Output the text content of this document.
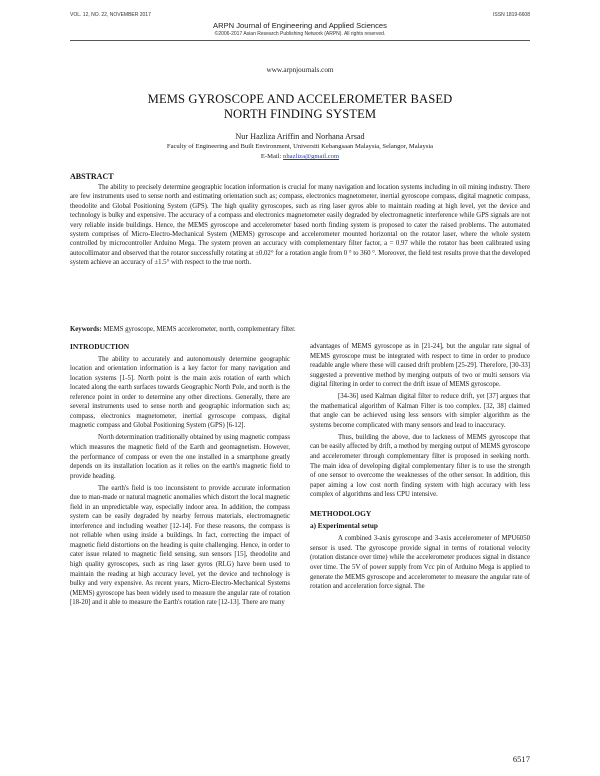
VOL. 12, NO. 22, NOVEMBER 2017	ISSN 1819-6608
ARPN Journal of Engineering and Applied Sciences
©2006-2017 Asian Research Publishing Network (ARPN). All rights reserved.
www.arpnjournals.com
MEMS GYROSCOPE AND ACCELEROMETER BASED
NORTH FINDING SYSTEM
Nur Hazliza Ariffin and Norhana Arsad
Faculty of Engineering and Built Environment, Universiti Kebangsaan Malaysia, Selangor, Malaysia
E-Mail: nhazliza@gmail.com
ABSTRACT

The ability to precisely determine geographic location information is crucial for many navigation and location systems including in oil mining industry. There are few instruments used to sense north and estimating orientation such as; compass, electronics magnetometer, inertial gyroscope compass, digital magnetic compass, theodolite and Global Positioning System (GPS). The high quality gyroscopes, such as ring laser gyros able to maintain reading at high level, yet the device and technology is bulky and expensive. The accuracy of a compass and electronics magnetometer easily degraded by electromagnetic interference while GPS signals are not very reliable inside buildings. Hence, the MEMS gyroscope and accelerometer based north finding system is proposed to cater the raised problems. The automated system comprises of Micro-Electro-Mechanical System (MEMS) gyroscope and accelerometer mounted horizontal on the rotator laser, where the whole system controlled by microcontroller Arduino Mega. The system proven an accuracy with complementary filter factor, a = 0.97 while the rotator has been calibrated using autocollimator and observed that the rotator successfully rotating at ±0.02° for a rotation angle from 0 ° to 360 °. Moreover, the field test results prove that the developed system achieve an accuracy of ±1.5° with respect to the true north.

Keywords: MEMS gyroscope, MEMS accelerometer, north, complementary filter.
INTRODUCTION

The ability to accurately and autonomously determine geographic location and orientation information is a key factor for many navigation and location systems [1-5]. North point is the main axis rotation of earth which located along the earth surfaces towards Geographic North Pole, and north is the reference point in order to determine any other directions. Generally, there are several instruments used to sense north and geographic information such as; compass, electronics magnetometer, inertial gyroscope compass, digital magnetic compass and Global Positioning System (GPS) [6-12].

North determination traditionally obtained by using magnetic compass which measures the magnetic field of the Earth and geomagnetism. However, the performance of compass or even the one installed in a smartphone greatly depends on its installation location as it relies on the earth's magnetic field to provide heading.

The earth's field is too inconsistent to provide accurate information due to man-made or natural magnetic anomalies which distort the local magnetic field in an unpredictable way, especially indoor area. In addition, the compass system can be easily degraded by nearby ferrous materials, electromagnetic interference and including weather [12-14]. For these reasons, the compass is not reliable when using inside a buildings. In fact, correcting the impact of magnetic field distortions on the heading is quite challenging. Hence, in order to cater issue related to magnetic field sensing, sun sensors [15], theodolite and high quality gyroscopes, such as ring laser gyros (RLG) have been used to maintain the reading at high accuracy level, yet the device and technology is bulky and very expensive. As recent years, Micro-Electro-Mechanical Systems (MEMS) gyroscope has been widely used to measure the angular rate of rotation [18-20] and it able to measure the Earth's rotation rate [12-13]. There are many

advantages of MEMS gyroscope as in [21-24], but the angular rate signal of MEMS gyroscope must be integrated with respect to time in order to produce readable angle where these will caused drift problem [25-29]. Therefore, [30-33] suggested a preventive method by merging outputs of two or multi sensors via digital filtering in order to correct the drift issue of MEMS gyroscope.

[34-36] used Kalman digital filter to reduce drift, yet [37] argues that the mathematical algorithm of Kalman Filter is too complex. [32, 38] claimed that angle can be achieved using less sensors with simpler algorithm as the systems become complicated with many sensors and lead to inaccuracy.

Thus, building the above, due to lackness of MEMS gyroscope that can be easily affected by drift, a method by merging output of MEMS gyroscope and accelerometer through complementary filter is proposed in seeking north. The main idea of developing digital complementary filter is to use the strength of one sensor to overcome the weaknesses of the other sensor. In addition, this paper aiming a low cost north finding system with high accuracy with less complex of algorithms and less CPU intensive.

METHODOLOGY
a) Experimental setup

A combined 3-axis gyroscope and 3-axis accelerometer of MPU6050 sensor is used. The gyroscope provide signal in terms of rotational velocity (rotation distance over time) while the accelerometer produces signal in distance over time. The 5V of power supply from Vcc pin of Arduino Mega is applied to generate the MEMS gyroscope and accelerometer to measure the angular rate of rotation and acceleration force signal. The

6517
